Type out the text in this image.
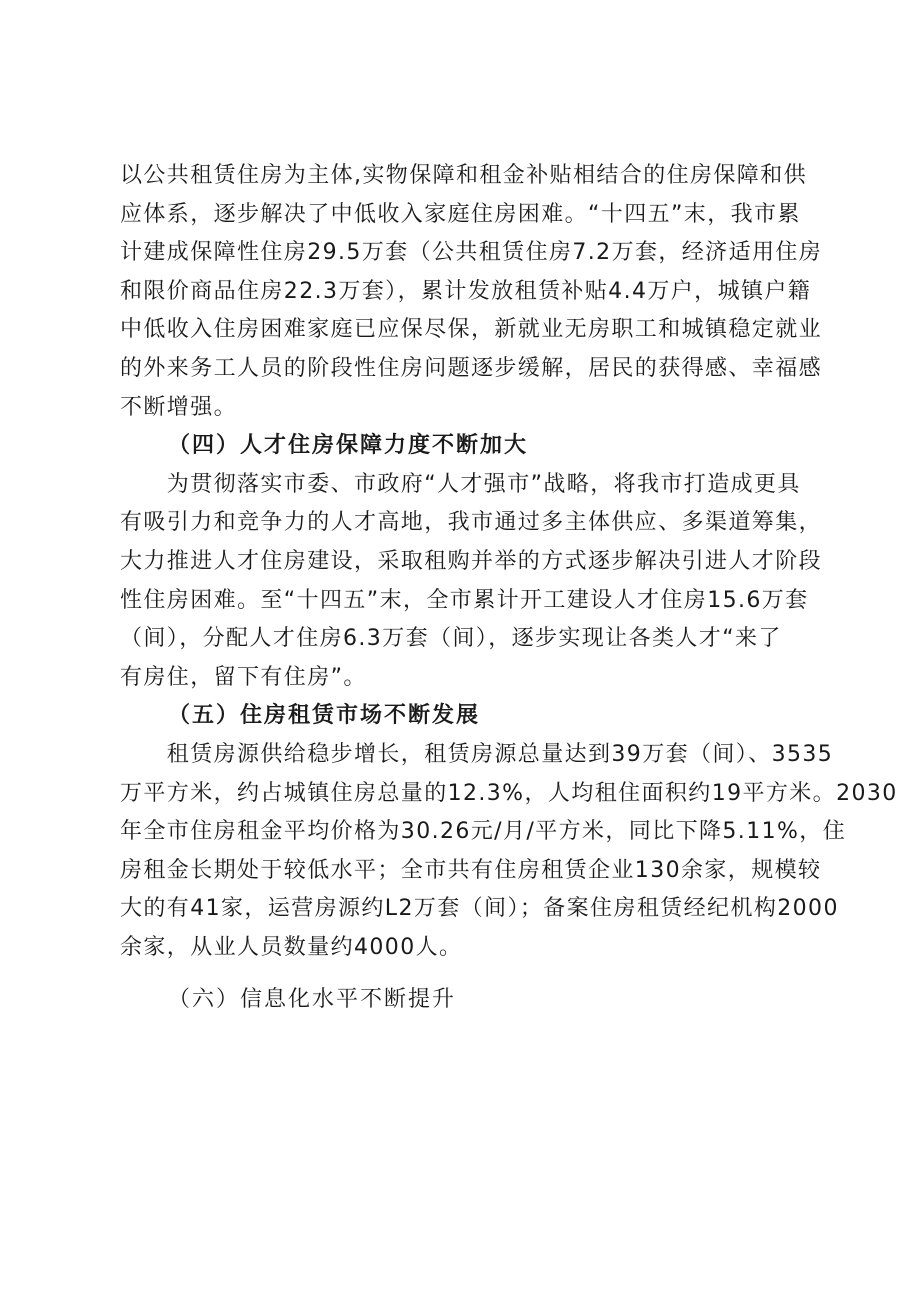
以公共租赁住房为主体,实物保障和租金补贴相结合的住房保障和供

应体系，逐步解决了中低收入家庭住房困难。“十四五”末，我市累

计建成保障性住房29.5万套（公共租赁住房7.2万套，经济适用住房

和限价商品住房22.3万套），累计发放租赁补贴4.4万户，城镇户籍

中低收入住房困难家庭已应保尽保，新就业无房职工和城镇稳定就业

的外来务工人员的阶段性住房问题逐步缓解，居民的获得感、幸福感

不断增强。

（四）人才住房保障力度不断加大

　　为贯彻落实市委、市政府“人才强市”战略，将我市打造成更具

有吸引力和竞争力的人才高地，我市通过多主体供应、多渠道筹集，

大力推进人才住房建设，采取租购并举的方式逐步解决引进人才阶段

性住房困难。至“十四五”末，全市累计开工建设人才住房15.6万套

（间），分配人才住房6.3万套（间），逐步实现让各类人才“来了

有房住，留下有住房”。

（五）住房租赁市场不断发展

　　租赁房源供给稳步增长，租赁房源总量达到39万套（间）、3535

万平方米，约占城镇住房总量的12.3%，人均租住面积约19平方米。2030

年全市住房租金平均价格为30.26元/月/平方米，同比下降5.11%，住

房租金长期处于较低水平；全市共有住房租赁企业130余家，规模较

大的有41家，运营房源约L2万套（间）；备案住房租赁经纪机构2000

余家，从业人员数量约4000人。

（六）信息化水平不断提升
